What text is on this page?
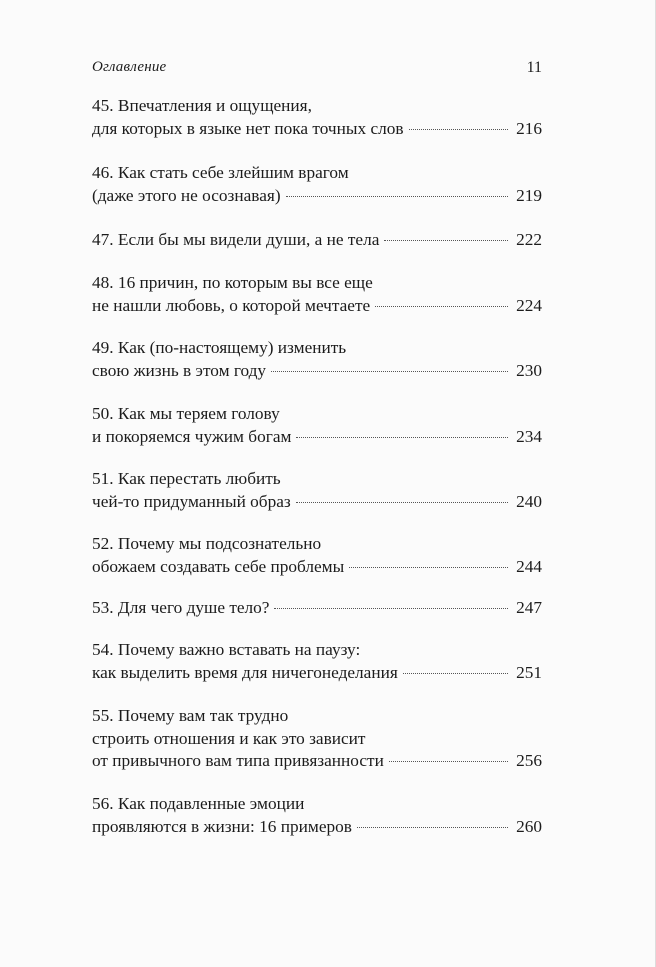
Оглавление	11
45. Впечатления и ощущения,
для которых в языке нет пока точных слов	216
46. Как стать себе злейшим врагом
(даже этого не осознавая)	219
47. Если бы мы видели души, а не тела	222
48. 16 причин, по которым вы все еще
не нашли любовь, о которой мечтаете	224
49. Как (по-настоящему) изменить
свою жизнь в этом году	230
50. Как мы теряем голову
и покоряемся чужим богам	234
51. Как перестать любить
чей-то придуманный образ	240
52. Почему мы подсознательно
обожаем создавать себе проблемы	244
53. Для чего душе тело?	247
54. Почему важно вставать на паузу:
как выделить время для ничегонеделания	251
55. Почему вам так трудно
строить отношения и как это зависит
от привычного вам типа привязанности	256
56. Как подавленные эмоции
проявляются в жизни: 16 примеров	260
